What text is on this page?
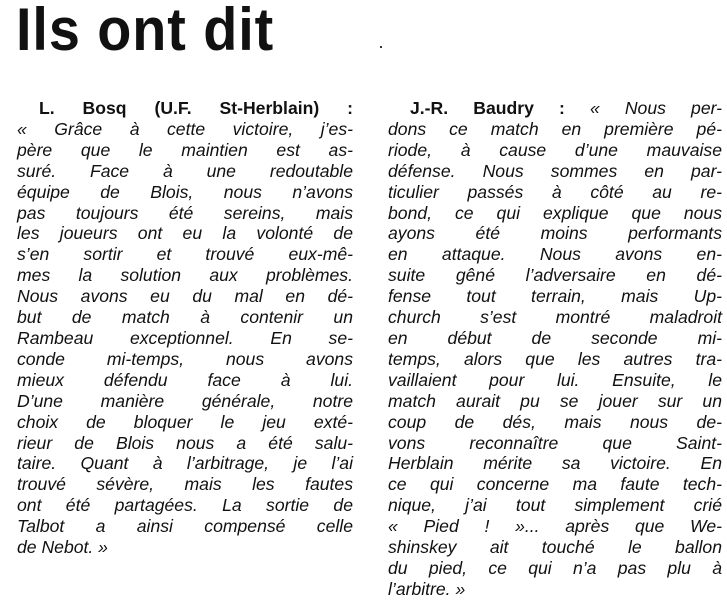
Ils ont dit
L. Bosq (U.F. St-Herblain) :
« Grâce à cette victoire, j’es-
père que le maintien est as-
suré. Face à une redoutable
équipe de Blois, nous n’avons
pas toujours été sereins, mais
les joueurs ont eu la volonté de
s’en sortir et trouvé eux-mê-
mes la solution aux problèmes.
Nous avons eu du mal en dé-
but de match à contenir un
Rambeau exceptionnel. En se-
conde mi-temps, nous avons
mieux défendu face à lui.
D’une manière générale, notre
choix de bloquer le jeu exté-
rieur de Blois nous a été salu-
taire. Quant à l’arbitrage, je l’ai
trouvé sévère, mais les fautes
ont été partagées. La sortie de
Talbot a ainsi compensé celle
de Nebot. »
J.-R. Baudry : « Nous per-
dons ce match en première pé-
riode, à cause d’une mauvaise
défense. Nous sommes en par-
ticulier passés à côté au re-
bond, ce qui explique que nous
ayons été moins performants
en attaque. Nous avons en-
suite gêné l’adversaire en dé-
fense tout terrain, mais Up-
church s’est montré maladroit
en début de seconde mi-
temps, alors que les autres tra-
vaillaient pour lui. Ensuite, le
match aurait pu se jouer sur un
coup de dés, mais nous de-
vons reconnaître que Saint-
Herblain mérite sa victoire. En
ce qui concerne ma faute tech-
nique, j’ai tout simplement crié
« Pied ! »... après que We-
shinskey ait touché le ballon
du pied, ce qui n’a pas plu à
l’arbitre. »
